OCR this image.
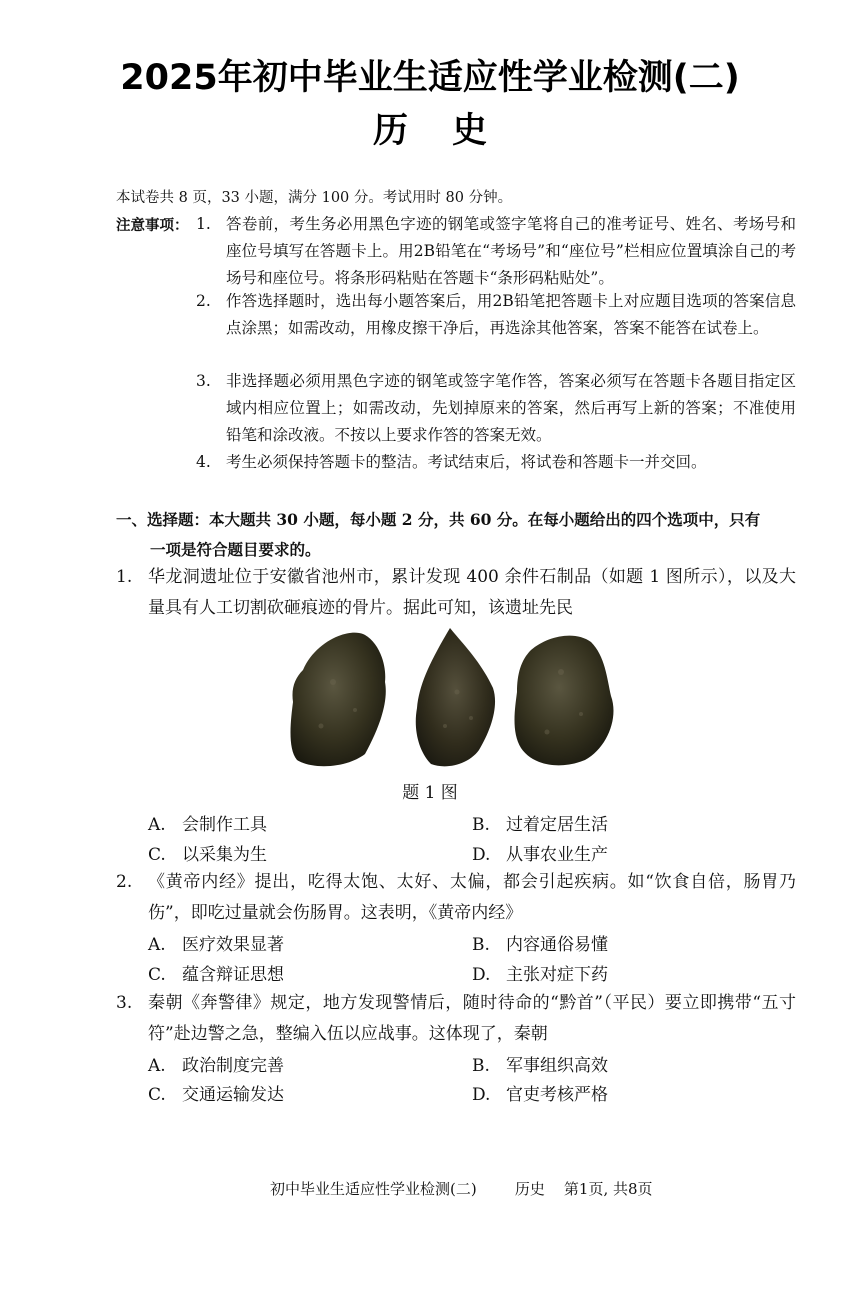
2025年初中毕业生适应性学业检测(二)
历 史
本试卷共 8 页，33 小题，满分 100 分。考试用时 80 分钟。
注意事项： 1. 答卷前，考生务必用黑色字迹的钢笔或签字笔将自己的准考证号、姓名、考场号和座位号填写在答题卡上。用2B铅笔在“考场号”和“座位号”栏相应位置填涂自己的考场号和座位号。将条形码粘贴在答题卡“条形码粘贴处”。
2. 作答选择题时，选出每小题答案后，用2B铅笔把答题卡上对应题目选项的答案信息点涂黑；如需改动，用橡皮擦干净后，再选涂其他答案，答案不能答在试卷上。
3. 非选择题必须用黑色字迹的钢笔或签字笔作答，答案必须写在答题卡各题目指定区域内相应位置上；如需改动，先划掉原来的答案，然后再写上新的答案；不准使用铅笔和涂改液。不按以上要求作答的答案无效。
4. 考生必须保持答题卡的整洁。考试结束后，将试卷和答题卡一并交回。
一、选择题：本大题共 30 小题，每小题 2 分，共 60 分。在每小题给出的四个选项中，只有
一项是符合题目要求的。
1. 华龙洞遗址位于安徽省池州市，累计发现 400 余件石制品（如题 1 图所示），以及大量具有人工切割砍砸痕迹的骨片。据此可知，该遗址先民
题 1 图
A. 会制作工具	B. 过着定居生活
C. 以采集为生	D. 从事农业生产
2. 《黄帝内经》提出，吃得太饱、太好、太偏，都会引起疾病。如“饮食自倍，肠胃乃伤”，即吃过量就会伤肠胃。这表明，《黄帝内经》
A. 医疗效果显著	B. 内容通俗易懂
C. 蕴含辩证思想	D. 主张对症下药
3. 秦朝《奔警律》规定，地方发现警情后，随时待命的“黔首”（平民）要立即携带“五寸符”赴边警之急，整编入伍以应战事。这体现了，秦朝
A. 政治制度完善	B. 军事组织高效
C. 交通运输发达	D. 官吏考核严格
初中毕业生适应性学业检测(二)        历史    第1页, 共8页
